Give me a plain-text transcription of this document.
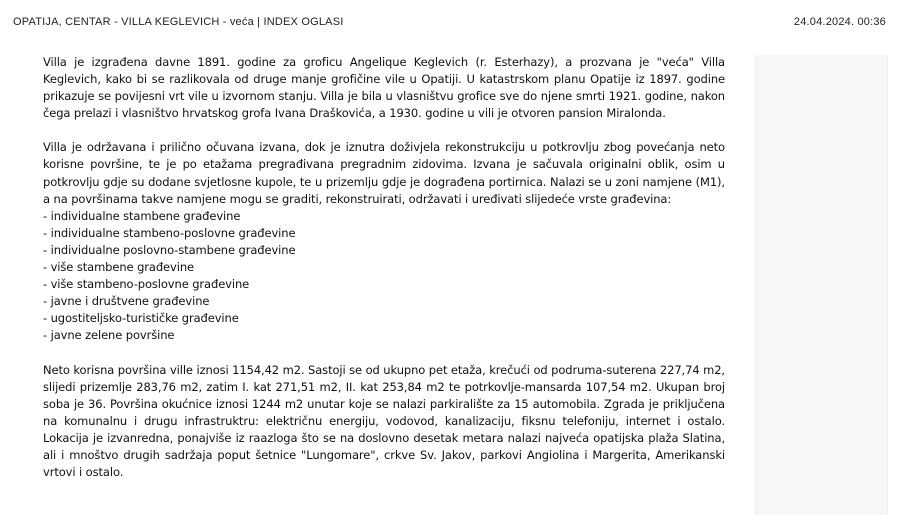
OPATIJA, CENTAR - VILLA KEGLEVICH - veća | INDEX OGLASI	24.04.2024. 00:36

Villa je izgrađena davne 1891. godine za groficu Angelique Keglevich (r. Esterhazy), a prozvana je "veća" Villa Keglevich, kako bi se razlikovala od druge manje grofičine vile u Opatiji. U katastrskom planu Opatije iz 1897. godine prikazuje se povijesni vrt vile u izvornom stanju. Villa je bila u vlasništvu grofice sve do njene smrti 1921. godine, nakon čega prelazi i vlasništvo hrvatskog grofa Ivana Draškovića, a 1930. godine u vili je otvoren pansion Miralonda.

Villa je održavana i prilično očuvana izvana, dok je iznutra doživjela rekonstrukciju u potkrovlju zbog povećanja neto korisne površine, te je po etažama pregrađivana pregradnim zidovima. Izvana je sačuvala originalni oblik, osim u potkrovlju gdje su dodane svjetlosne kupole, te u prizemlju gdje je dograđena portirnica. Nalazi se u zoni namjene (M1), a na površinama takve namjene mogu se graditi, rekonstruirati, održavati i uređivati slijedeće vrste građevina:

- individualne stambene građevine
- individualne stambeno-poslovne građevine
- individualne poslovno-stambene građevine
- više stambene građevine
- više stambeno-poslovne građevine
- javne i društvene građevine
- ugostiteljsko-turističke građevine
- javne zelene površine

Neto korisna površina ville iznosi 1154,42 m2. Sastoji se od ukupno pet etaža, krečući od podruma-suterena 227,74 m2, slijedi prizemlje 283,76 m2, zatim I. kat 271,51 m2, II. kat 253,84 m2 te potrkovlje-mansarda 107,54 m2. Ukupan broj soba je 36. Površina okućnice iznosi 1244 m2 unutar koje se nalazi parkiralište za 15 automobila. Zgrada je priključena na komunalnu i drugu infrastruktru: električnu energiju, vodovod, kanalizaciju, fiksnu telefoniju, internet i ostalo. Lokacija je izvanredna, ponajviše iz raazloga što se na doslovno desetak metara nalazi najveća opatijska plaža Slatina, ali i mnoštvo drugih sadržaja poput šetnice "Lungomare", crkve Sv. Jakov, parkovi Angiolina i Margerita, Amerikanski vrtovi i ostalo.
